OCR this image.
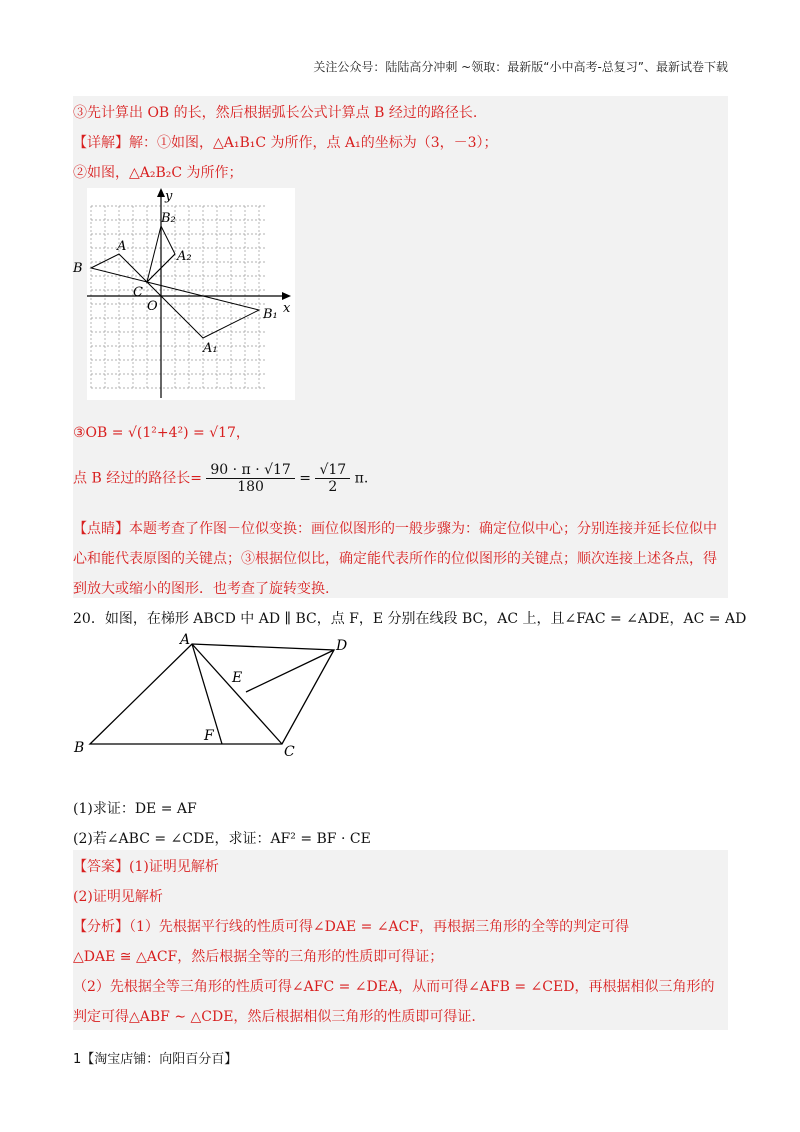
关注公众号：陆陆高分冲刺 ~领取：最新版“小中高考-总复习”、最新试卷下载
③先计算出 OB 的长，然后根据弧长公式计算点 B 经过的路径长.
【详解】解：①如图，△A₁B₁C 为所作，点 A₁的坐标为（3，－3）；
②如图，△A₂B₂C 为所作；
y
x
O
A
B
C
A₁
B₁
A₂
B₂
③OB = √(1²+4²) = √17，
点 B 经过的路径长= $\frac{90 \cdot \pi \cdot √17}{180} = \frac{√17}{2} \pi$.
【点睛】本题考查了作图－位似变换：画位似图形的一般步骤为：确定位似中心；分别连接并延长位似中
心和能代表原图的关键点；③根据位似比，确定能代表所作的位似图形的关键点；顺次连接上述各点，得
到放大或缩小的图形．也考查了旋转变换.
20．如图，在梯形 ABCD 中 AD ∥ BC，点 F，E 分别在线段 BC，AC 上，且∠FAC = ∠ADE，AC = AD
A	D
B	C
E
F
(1)求证：DE = AF
(2)若∠ABC = ∠CDE，求证：AF² = BF · CE
【答案】(1)证明见解析
(2)证明见解析
【分析】（1）先根据平行线的性质可得∠DAE = ∠ACF，再根据三角形的全等的判定可得
△DAE ≅ △ACF，然后根据全等的三角形的性质即可得证；
（2）先根据全等三角形的性质可得∠AFC = ∠DEA，从而可得∠AFB = ∠CED，再根据相似三角形的
判定可得△ABF ∼ △CDE，然后根据相似三角形的性质即可得证.
1【淘宝店铺：向阳百分百】
